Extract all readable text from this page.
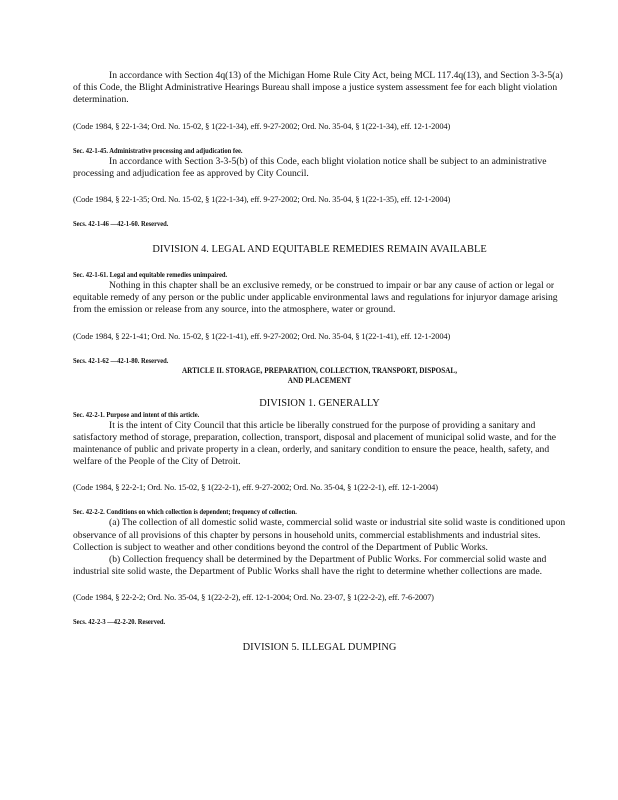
In accordance with Section 4q(13) of the Michigan Home Rule City Act, being MCL 117.4q(13), and Section 3-3-5(a) of this Code, the Blight Administrative Hearings Bureau shall impose a justice system assessment fee for each blight violation determination.

(Code 1984, § 22-1-34; Ord. No. 15-02, § 1(22-1-34), eff. 9-27-2002; Ord. No. 35-04, § 1(22-1-34), eff. 12-1-2004)

Sec. 42-1-45. Administrative processing and adjudication fee.

In accordance with Section 3-3-5(b) of this Code, each blight violation notice shall be subject to an administrative processing and adjudication fee as approved by City Council.

(Code 1984, § 22-1-35; Ord. No. 15-02, § 1(22-1-34), eff. 9-27-2002; Ord. No. 35-04, § 1(22-1-35), eff. 12-1-2004)

Secs. 42-1-46 —42-1-60. Reserved.

DIVISION 4. LEGAL AND EQUITABLE REMEDIES REMAIN AVAILABLE

Sec. 42-1-61. Legal and equitable remedies unimpaired.

Nothing in this chapter shall be an exclusive remedy, or be construed to impair or bar any cause of action or legal or equitable remedy of any person or the public under applicable environmental laws and regulations for injuryor damage arising from the emission or release from any source, into the atmosphere, water or ground.

(Code 1984, § 22-1-41; Ord. No. 15-02, § 1(22-1-41), eff. 9-27-2002; Ord. No. 35-04, § 1(22-1-41), eff. 12-1-2004)

Secs. 42-1-62 —42-1-80. Reserved.

ARTICLE II. STORAGE, PREPARATION, COLLECTION, TRANSPORT, DISPOSAL, AND PLACEMENT

DIVISION 1. GENERALLY

Sec. 42-2-1. Purpose and intent of this article.

It is the intent of City Council that this article be liberally construed for the purpose of providing a sanitary and satisfactory method of storage, preparation, collection, transport, disposal and placement of municipal solid waste, and for the maintenance of public and private property in a clean, orderly, and sanitary condition to ensure the peace, health, safety, and welfare of the People of the City of Detroit.

(Code 1984, § 22-2-1; Ord. No. 15-02, § 1(22-2-1), eff. 9-27-2002; Ord. No. 35-04, § 1(22-2-1), eff. 12-1-2004)

Sec. 42-2-2. Conditions on which collection is dependent; frequency of collection.

(a) The collection of all domestic solid waste, commercial solid waste or industrial site solid waste is conditioned upon observance of all provisions of this chapter by persons in household units, commercial establishments and industrial sites. Collection is subject to weather and other conditions beyond the control of the Department of Public Works.

(b) Collection frequency shall be determined by the Department of Public Works. For commercial solid waste and industrial site solid waste, the Department of Public Works shall have the right to determine whether collections are made.

(Code 1984, § 22-2-2; Ord. No. 35-04, § 1(22-2-2), eff. 12-1-2004; Ord. No. 23-07, § 1(22-2-2), eff. 7-6-2007)

Secs. 42-2-3 —42-2-20. Reserved.

DIVISION 5. ILLEGAL DUMPING
